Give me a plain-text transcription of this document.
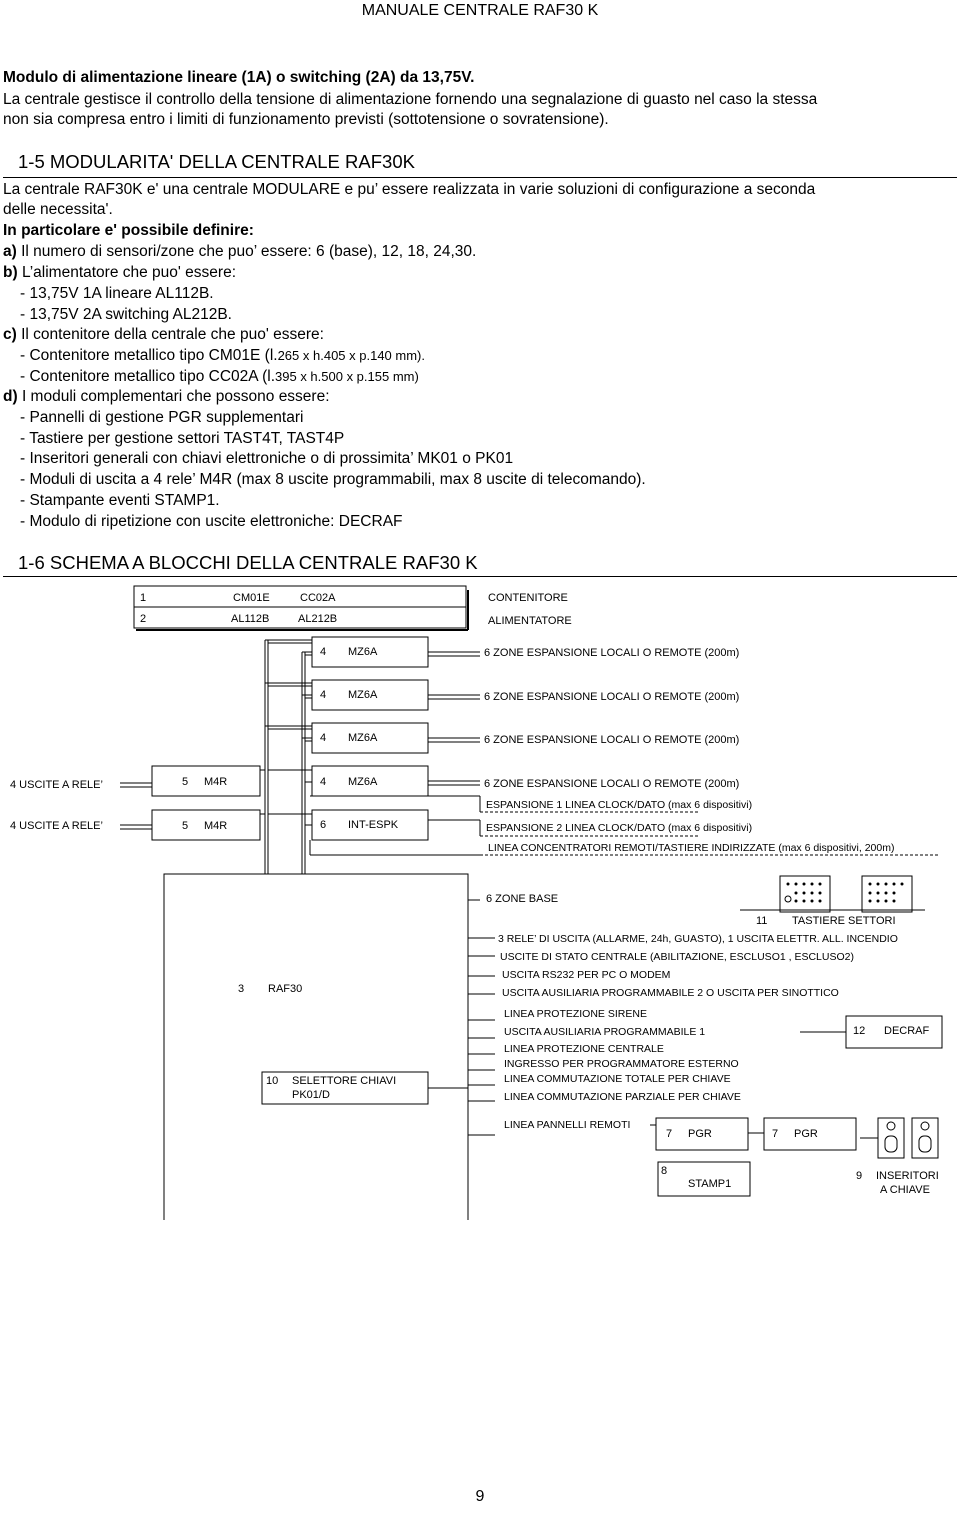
MANUALE CENTRALE RAF30 K
Modulo di alimentazione lineare (1A) o switching (2A) da 13,75V.
La centrale gestisce il controllo della tensione di alimentazione fornendo una segnalazione di guasto nel caso la stessa
non sia compresa entro i limiti di funzionamento previsti (sottotensione o sovratensione).
1-5 MODULARITA' DELLA CENTRALE RAF30K
La centrale RAF30K e' una centrale MODULARE e pu’ essere realizzata in varie soluzioni di configurazione a seconda
delle necessita'.
In particolare e' possibile definire:
a) Il numero di sensori/zone che puo’ essere: 6 (base), 12, 18, 24,30.
b) L’alimentatore che puo' essere:
- 13,75V 1A lineare AL112B.
- 13,75V 2A switching AL212B.
c) Il contenitore della centrale che puo' essere:
- Contenitore metallico tipo CM01E (l.265 x h.405 x p.140 mm).
- Contenitore metallico tipo CC02A (l.395 x h.500 x p.155 mm)
d) I moduli complementari che possono essere:
- Pannelli di gestione PGR supplementari
- Tastiere per gestione settori TAST4T, TAST4P
- Inseritori generali con chiavi elettroniche o di prossimita’ MK01 o PK01
- Moduli di uscita a 4 rele’ M4R (max 8 uscite programmabili, max 8 uscite di telecomando).
- Stampante eventi STAMP1.
- Modulo di ripetizione con uscite elettroniche: DECRAF
1-6 SCHEMA A BLOCCHI DELLA CENTRALE RAF30 K
1	CM01E	CC02A	CONTENITORE
2	AL112B	AL212B	ALIMENTATORE
4 MZ6A	6 ZONE ESPANSIONE LOCALI O REMOTE (200m)
4 MZ6A	6 ZONE ESPANSIONE LOCALI O REMOTE (200m)
4 MZ6A	6 ZONE ESPANSIONE LOCALI O REMOTE (200m)
4 MZ6A	6 ZONE ESPANSIONE LOCALI O REMOTE (200m)
4 USCITE A RELE’	5 M4R
4 USCITE A RELE’	5 M4R	6 INT-ESPK
ESPANSIONE 1 LINEA CLOCK/DATO (max 6 dispositivi)
ESPANSIONE 2 LINEA CLOCK/DATO (max 6 dispositivi)
LINEA CONCENTRATORI REMOTI/TASTIERE INDIRIZZATE (max 6 dispositivi, 200m)
6 ZONE BASE
11 TASTIERE SETTORI
3 RAF30
10 SELETTORE CHIAVI
PK01/D
3 RELE’ DI USCITA (ALLARME, 24h, GUASTO), 1 USCITA ELETTR. ALL. INCENDIO
USCITE DI STATO CENTRALE (ABILITAZIONE, ESCLUSO1 , ESCLUSO2)
USCITA RS232 PER PC O MODEM
USCITA AUSILIARIA PROGRAMMABILE 2 O USCITA PER SINOTTICO
LINEA PROTEZIONE SIRENE
USCITA AUSILIARIA PROGRAMMABILE 1
LINEA PROTEZIONE CENTRALE
INGRESSO PER PROGRAMMATORE ESTERNO
LINEA COMMUTAZIONE TOTALE PER CHIAVE
LINEA COMMUTAZIONE PARZIALE PER CHIAVE
LINEA PANNELLI REMOTI
12 DECRAF
7 PGR	7 PGR
8
STAMP1
9 INSERITORI
A CHIAVE
9
